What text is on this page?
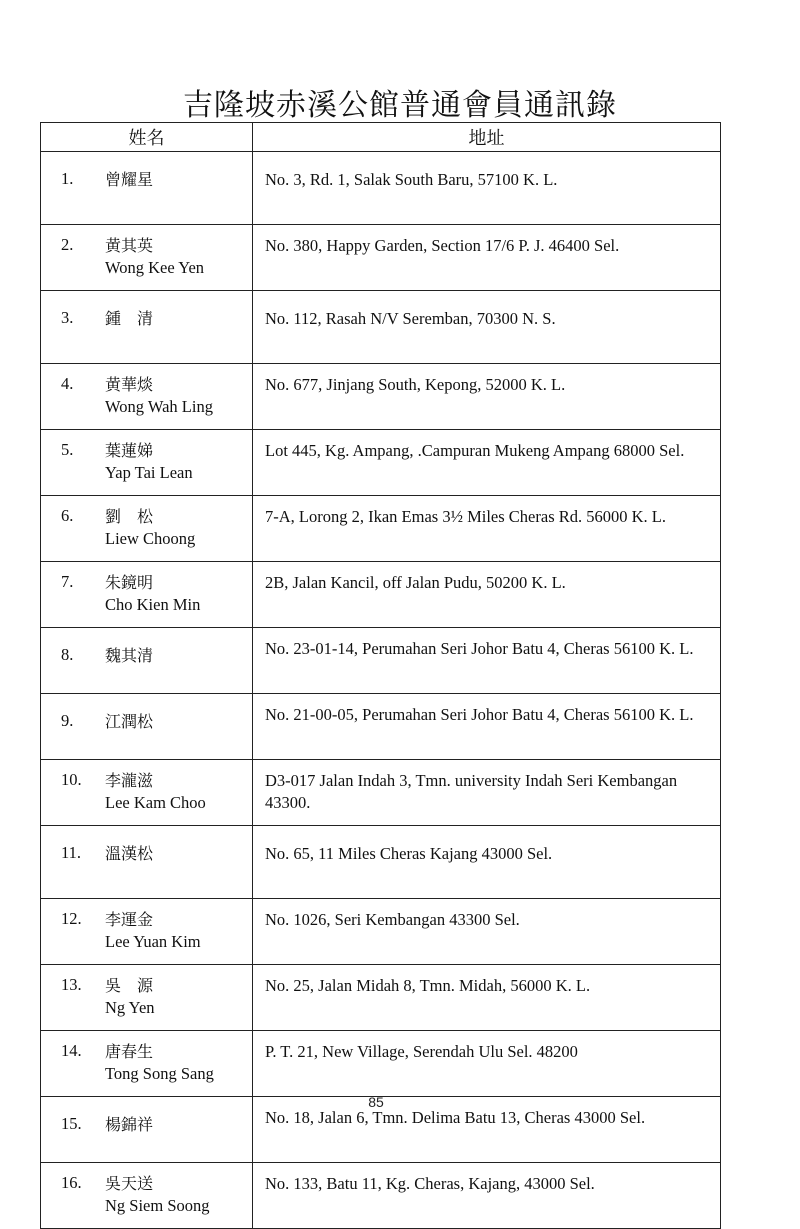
吉隆坡赤溪公館普通會員通訊錄
姓名	地址

1. 曾耀星	No. 3, Rd. 1, Salak South Baru, 57100 K. L.

2. 黄其英
Wong Kee Yen	No. 380, Happy Garden, Section 17/6 P. J. 46400 Sel.

3. 鍾　清	No. 112, Rasah N/V Seremban, 70300 N. S.

4. 黄華㷋
Wong Wah Ling	No. 677, Jinjang South, Kepong, 52000 K. L.

5. 葉蓮娣
Yap Tai Lean	Lot 445, Kg. Ampang, .Campuran Mukeng Ampang 68000 Sel.

6. 劉　松
Liew Choong	7-A, Lorong 2, Ikan Emas 3½ Miles Cheras Rd. 56000 K. L.

7. 朱鏡明
Cho Kien Min	2B, Jalan Kancil, off Jalan Pudu, 50200 K. L.

8. 魏其清	No. 23-01-14, Perumahan Seri Johor Batu 4, Cheras 56100 K. L.

9. 江潤松	No. 21-00-05, Perumahan Seri Johor Batu 4, Cheras 56100 K. L.

10. 李瀧滋
Lee Kam Choo	D3-017 Jalan Indah 3, Tmn. university Indah Seri Kembangan 43300.

11. 溫漢松	No. 65, 11 Miles Cheras Kajang 43000 Sel.

12. 李運金
Lee Yuan Kim	No. 1026, Seri Kembangan 43300 Sel.

13. 吳　源
Ng Yen	No. 25, Jalan Midah 8, Tmn. Midah, 56000 K. L.

14. 唐春生
Tong Song Sang	P. T. 21, New Village, Serendah Ulu Sel. 48200

15. 楊錦祥	No. 18, Jalan 6, Tmn. Delima Batu 13, Cheras 43000 Sel.

16. 吳天送
Ng Siem Soong	No. 133, Batu 11, Kg. Cheras, Kajang, 43000 Sel.
85
